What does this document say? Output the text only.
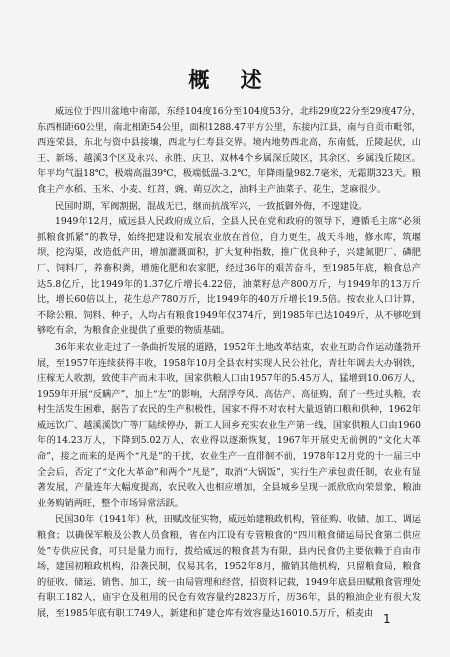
概 述

威远位于四川盆地中南部，东经104度16分至104度53分，北纬29度22分至29度47分，东西相距60公里，南北相距54公里，面积1288.47平方公里，东接内江县，南与自贡市毗邻，西连荣县，东北与资中县接壤，西北与仁寿县交界。境内地势西北高，东南低，丘陵起伏，山王、新场、越溪3个区及永兴、永胜、庆卫、双林4个乡属深丘陵区，其余区、乡属浅丘陵区。年平均气温18℃，极端高温39℃，极端低温-3.2℃，年降雨量982.7毫米，无霜期323天。粮食主产水稻、玉米、小麦、红苕，豌、蒴豆次之，油料主产油菜子、花生，芝麻很少。

民国时期，军阀割据，混战无已，继而抗战军兴，一致抵御外侮，不遑建设。

1949年12月，威远县人民政府成立后，全县人民在党和政府的领导下，遵循毛主席“必须抓粮食抓紧”的教导，始终把建设和发展农业放在首位，自力更生，战天斗地，修水库，筑堰坝，挖沟渠，改造低产田，增加灌溉面积，扩大复种指数，推广优良种子，兴建氮肥厂、磷肥厂、饲料厂，养畜积粪，增施化肥和农家肥，经过36年的艰苦奋斗，至1985年底，粮食总产达5.8亿斤，比1949年的1.37亿斤增长4.22倍，油菜籽总产800万斤，与1949年的13万斤比，增长60倍以上，花生总产780万斤，比1949年的40万斤增长19.5倍。按农业人口计算，不除公粮、饲料、种子，人均占有粮食1949年仅374斤，到1985年已达1049斤，从不够吃到够吃有余，为粮食企业提供了重要的物质基础。

36年来农业走过了一条曲折发展的道路，1952年土地改革结束，农业互助合作运动蓬勃开展，至1957年连续获得丰收，1958年10月全县农村实现人民公社化，青壮年调去大办钢铁，庄稼无人收割，致使丰产而未丰收，国家供粮人口由1957年的5.45万人，猛增到10.06万人，1959年开展“反瞒产”，加上“左”的影响，大刮浮夸风、高估产、高征购，刮了一些过头粮，农村生活发生困难，据告了农民的生产积极性，国家不得不对农村大量返销口粮和供种，1962年威远饮广、越溪溪饮广等厂陆续停办，新工人回乡充实农业生产第一线，国家供粮人口由1960年的14.23万人，下降到5.02万人，农业得以逐渐恢复，1967年开展史无前例的“文化大革命”，接之而来的是两个“凡是”的干扰，农业生产一直徘徊不前，1978年12月党的十一届三中全会后，否定了“文化大革命”和两个“凡是”，取消“大锅饭”，实行生产承包责任制，农业有显著发展，产量连年大幅度提高，农民收入也相应增加，全县城乡呈现一派欣欣向荣景象，粮油业务购销两旺，整个市场异常活跃。

民国30年（1941年）秋，田赋改征实物，威远始建粮政机构，管征购、收储、加工、调运粮食；以确保军粮及公教人员食粮，省在内江设有专管粮食的“四川粮食储运局民食第二供应处”专供应民食，可只是量力而行，拨给威远的粮食甚为有限，县内民食仍主要依赖于自由市场，建国初粮政机构，沿袭民制，仅易其名，1952年8月，撤销其他机构，只留粮食局，粮食的征收、储运、销售、加工，统一由局管理和经营，招资料记载，1949年底县田赋粮食管理处有职工182人，庙宇仓及租用的民仓有效容量约2823万斤，历36年，县的粮油企业有很大发展，至1985年底有职工749人，新建和扩建仓库有效容量达16010.5万斤，稻麦由 1
